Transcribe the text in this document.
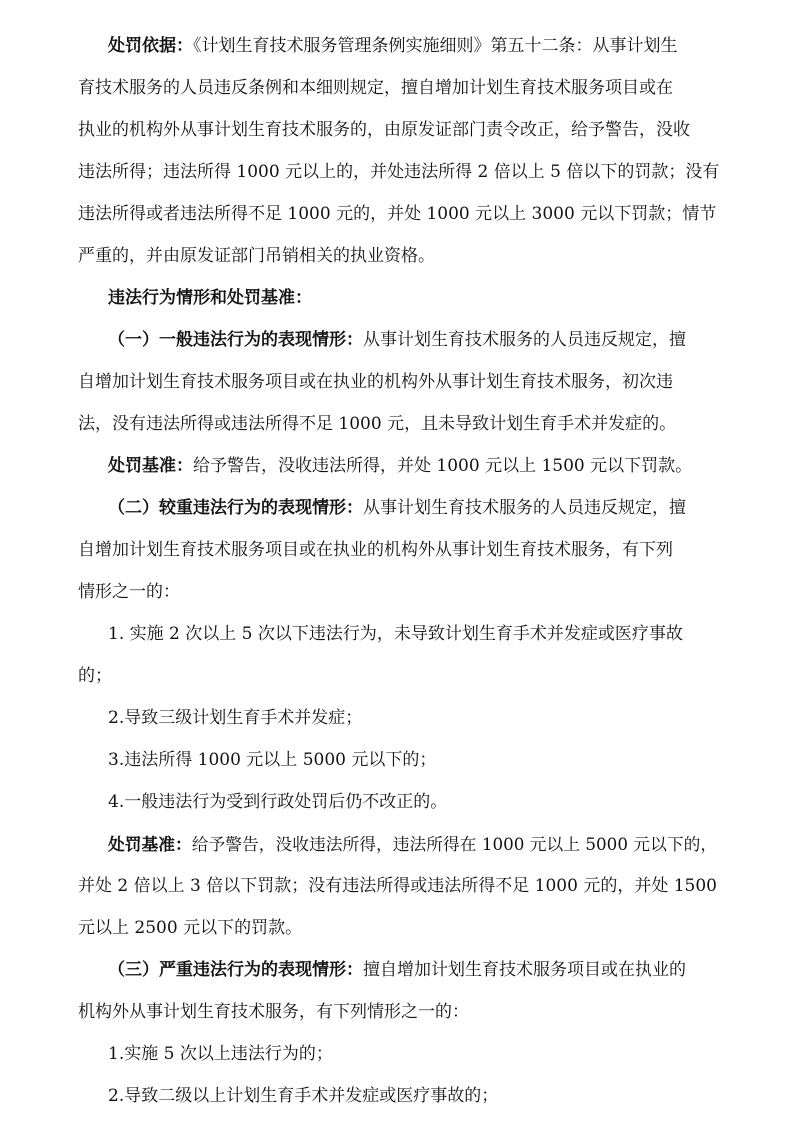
处罚依据：《计划生育技术服务管理条例实施细则》第五十二条：从事计划生
育技术服务的人员违反条例和本细则规定，擅自增加计划生育技术服务项目或在
执业的机构外从事计划生育技术服务的，由原发证部门责令改正，给予警告，没收
违法所得；违法所得 1000 元以上的，并处违法所得 2 倍以上 5 倍以下的罚款；没有
违法所得或者违法所得不足 1000 元的，并处 1000 元以上 3000 元以下罚款；情节
严重的，并由原发证部门吊销相关的执业资格。
违法行为情形和处罚基准：
（一）一般违法行为的表现情形：从事计划生育技术服务的人员违反规定，擅
自增加计划生育技术服务项目或在执业的机构外从事计划生育技术服务，初次违
法，没有违法所得或违法所得不足 1000 元，且未导致计划生育手术并发症的。
处罚基准：给予警告，没收违法所得，并处 1000 元以上 1500 元以下罚款。
（二）较重违法行为的表现情形：从事计划生育技术服务的人员违反规定，擅
自增加计划生育技术服务项目或在执业的机构外从事计划生育技术服务，有下列
情形之一的：
1. 实施 2 次以上 5 次以下违法行为，未导致计划生育手术并发症或医疗事故
的；
2.导致三级计划生育手术并发症；
3.违法所得 1000 元以上 5000 元以下的；
4.一般违法行为受到行政处罚后仍不改正的。
处罚基准：给予警告，没收违法所得，违法所得在 1000 元以上 5000 元以下的，
并处 2 倍以上 3 倍以下罚款；没有违法所得或违法所得不足 1000 元的，并处 1500
元以上 2500 元以下的罚款。
（三）严重违法行为的表现情形：擅自增加计划生育技术服务项目或在执业的
机构外从事计划生育技术服务，有下列情形之一的：
1.实施 5 次以上违法行为的；
2.导致二级以上计划生育手术并发症或医疗事故的；
